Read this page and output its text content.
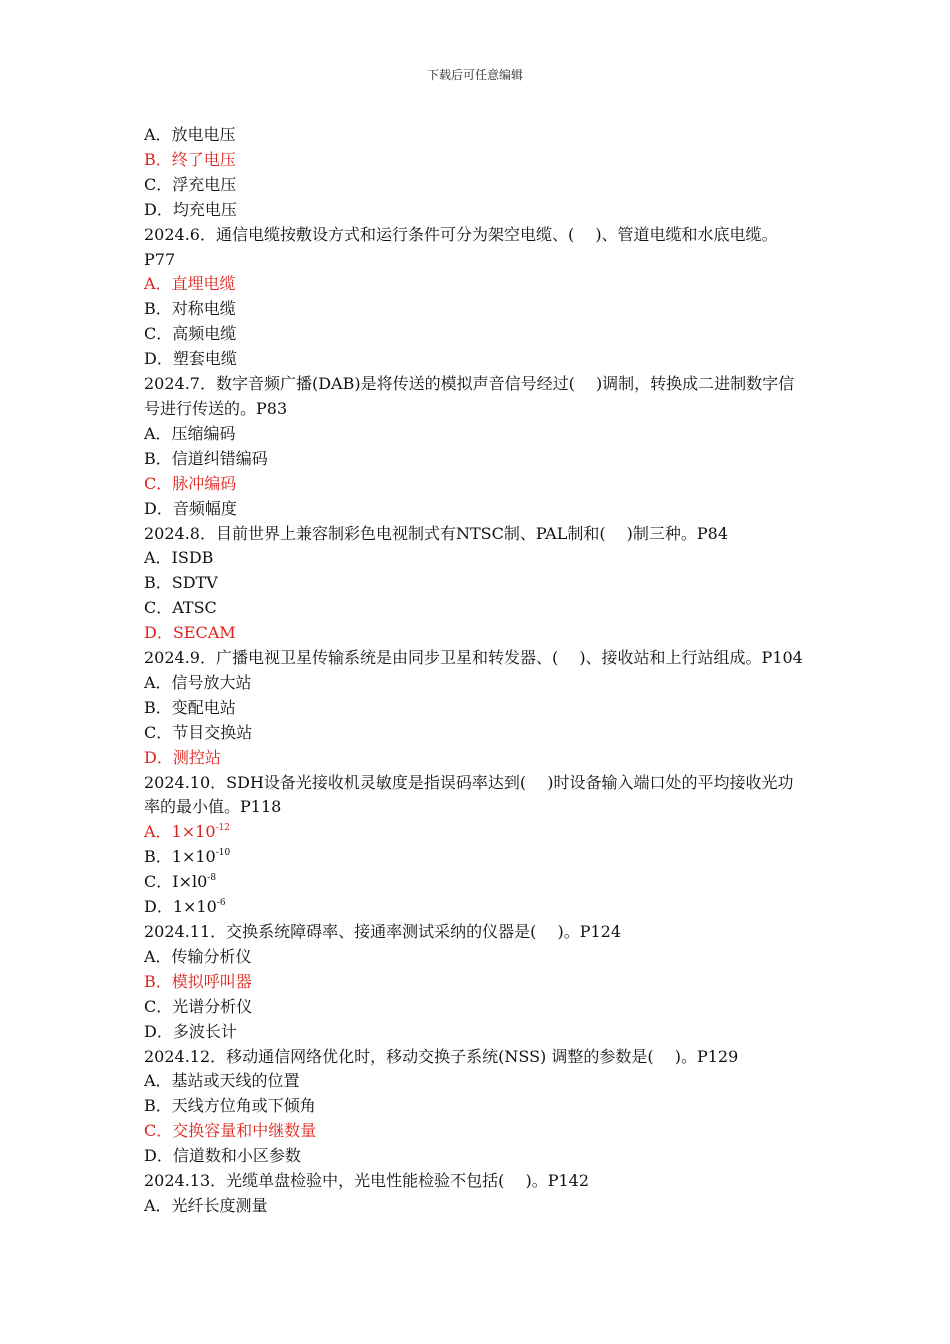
下载后可任意编辑
A．放电电压
B．终了电压
C．浮充电压
D．均充电压
2024.6．通信电缆按敷设方式和运行条件可分为架空电缆、(　 )、管道电缆和水底电缆。
P77
A．直埋电缆
B．对称电缆
C．高频电缆
D．塑套电缆
2024.7．数字音频广播(DAB)是将传送的模拟声音信号经过(　 )调制，转换成二进制数字信
号进行传送的。P83
A．压缩编码
B．信道纠错编码
C．脉冲编码
D．音频幅度
2024.8．目前世界上兼容制彩色电视制式有NTSC制、PAL制和(　 )制三种。P84
A．ISDB
B．SDTV
C．ATSC
D．SECAM
2024.9．广播电视卫星传输系统是由同步卫星和转发器、(　 )、接收站和上行站组成。P104
A．信号放大站
B．变配电站
C．节目交换站
D．测控站
2024.10．SDH设备光接收机灵敏度是指误码率达到(　 )时设备输入端口处的平均接收光功
率的最小值。P118
A．$1\times 10^{-12}$
B．$1\times 10^{-10}$
C．$I\times l0^{-8}$
D．$1\times 10^{-6}$
2024.11．交换系统障碍率、接通率测试采纳的仪器是(　 )。P124
A．传输分析仪
B．模拟呼叫器
C．光谱分析仪
D．多波长计
2024.12．移动通信网络优化时，移动交换子系统(NSS) 调整的参数是(　 )。P129
A．基站或天线的位置
B．天线方位角或下倾角
C．交换容量和中继数量
D．信道数和小区参数
2024.13．光缆单盘检验中，光电性能检验不包括(　 )。P142
A．光纤长度测量
